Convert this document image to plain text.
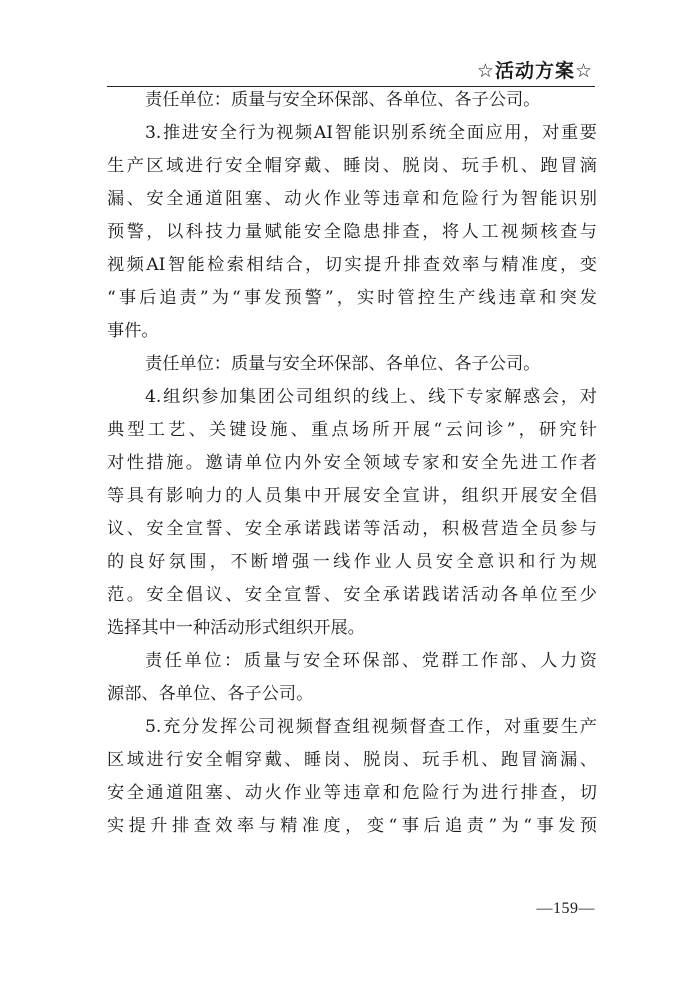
☆活动方案☆
责任单位：质量与安全环保部、各单位、各子公司。
3.推进安全行为视频AI智能识别系统全面应用，对重要
生产区域进行安全帽穿戴、睡岗、脱岗、玩手机、跑冒滴
漏、安全通道阻塞、动火作业等违章和危险行为智能识别
预警，以科技力量赋能安全隐患排查，将人工视频核查与
视频AI智能检索相结合，切实提升排查效率与精准度，变
“事后追责”为“事发预警”，实时管控生产线违章和突发
事件。
责任单位：质量与安全环保部、各单位、各子公司。
4.组织参加集团公司组织的线上、线下专家解惑会，对
典型工艺、关键设施、重点场所开展“云问诊”，研究针
对性措施。邀请单位内外安全领域专家和安全先进工作者
等具有影响力的人员集中开展安全宣讲，组织开展安全倡
议、安全宣誓、安全承诺践诺等活动，积极营造全员参与
的良好氛围，不断增强一线作业人员安全意识和行为规
范。安全倡议、安全宣誓、安全承诺践诺活动各单位至少
选择其中一种活动形式组织开展。
责任单位：质量与安全环保部、党群工作部、人力资
源部、各单位、各子公司。
5.充分发挥公司视频督查组视频督查工作，对重要生产
区域进行安全帽穿戴、睡岗、脱岗、玩手机、跑冒滴漏、
安全通道阻塞、动火作业等违章和危险行为进行排查，切
实提升排查效率与精准度，变“事后追责”为“事发预
—159—
